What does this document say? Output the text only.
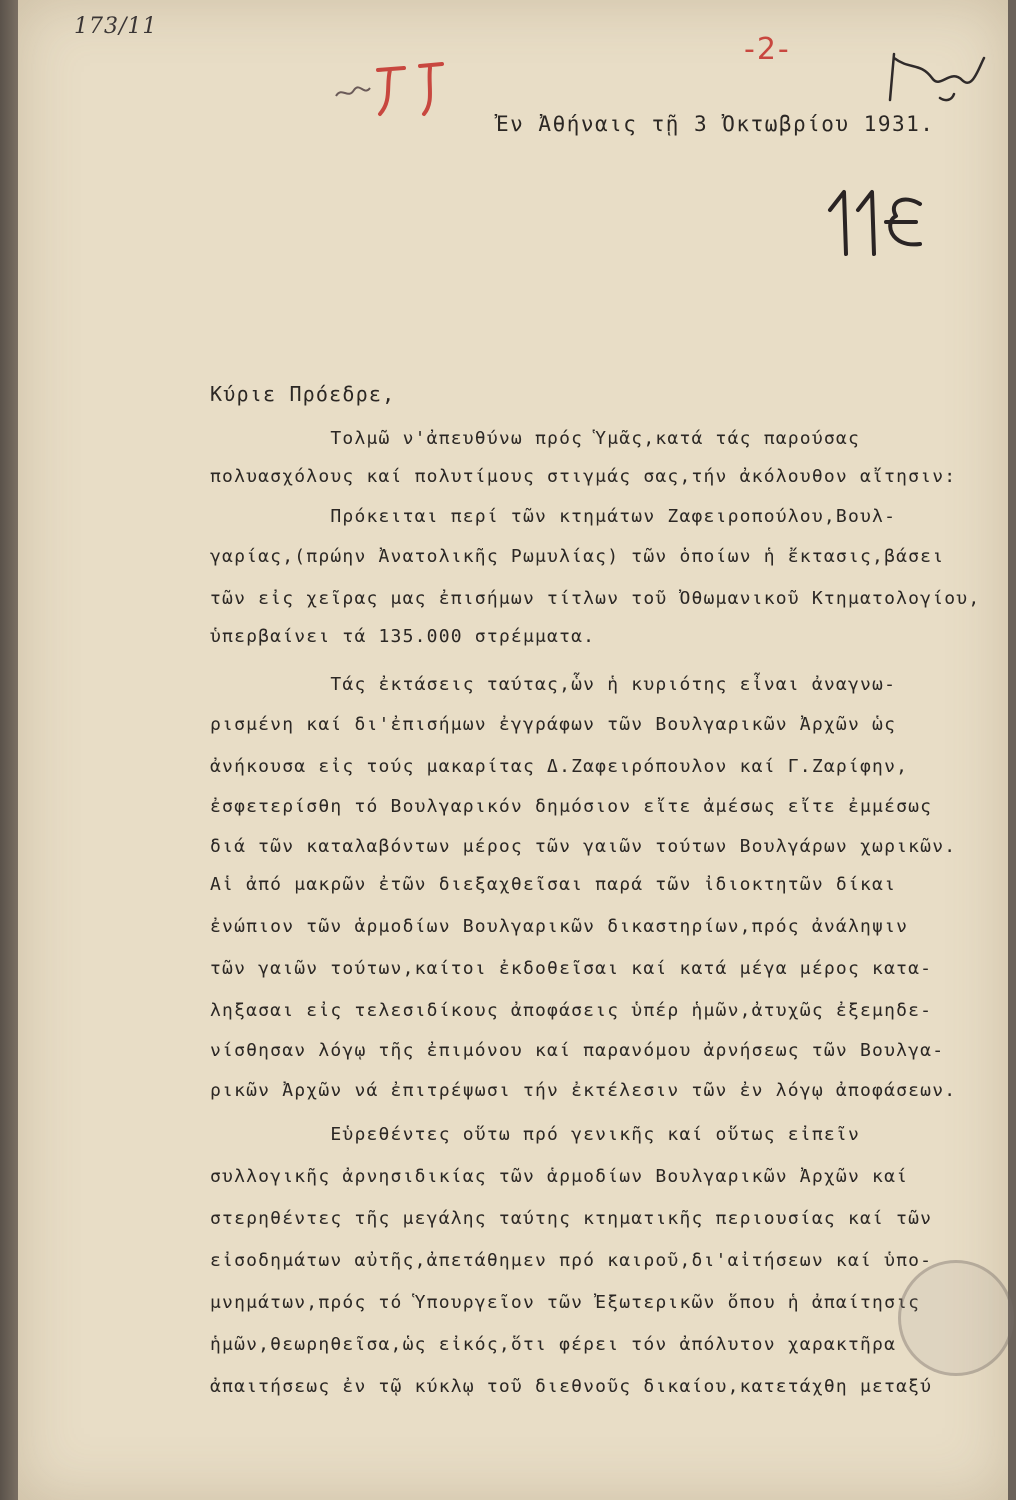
173/11
-2-
Ἐν Ἀθήναις τῇ 3 Ὀκτωβρίου 1931.
Κύριε Πρόεδρε,
Τολμῶ ν'ἀπευθύνω πρός Ὑμᾶς,κατά τάς παρούσας
πολυασχόλους καί πολυτίμους στιγμάς σας,τήν ἀκόλουθον αἴτησιν:
Πρόκειται περί τῶν κτημάτων Ζαφειροπούλου,Βουλ-
γαρίας,(πρώην Ἀνατολικῆς Ρωμυλίας) τῶν ὁποίων ἡ ἔκτασις,βάσει
τῶν εἰς χεῖρας μας ἐπισήμων τίτλων τοῦ Ὀθωμανικοῦ Κτηματολογίου,
ὑπερβαίνει τά 135.000 στρέμματα.
Τάς ἐκτάσεις ταύτας,ὧν ἡ κυριότης εἶναι ἀναγνω-
ρισμένη καί δι'ἐπισήμων ἐγγράφων τῶν Βουλγαρικῶν Ἀρχῶν ὡς
ἀνήκουσα εἰς τούς μακαρίτας Δ.Ζαφειρόπουλον καί Γ.Ζαρίφην,
ἐσφετερίσθη τό Βουλγαρικόν δημόσιον εἴτε ἀμέσως εἴτε ἐμμέσως
διά τῶν καταλαβόντων μέρος τῶν γαιῶν τούτων Βουλγάρων χωρικῶν.
Αἱ ἀπό μακρῶν ἐτῶν διεξαχθεῖσαι παρά τῶν ἰδιοκτητῶν δίκαι
ἐνώπιον τῶν ἁρμοδίων Βουλγαρικῶν δικαστηρίων,πρός ἀνάληψιν
τῶν γαιῶν τούτων,καίτοι ἐκδοθεῖσαι καί κατά μέγα μέρος κατα-
ληξασαι εἰς τελεσιδίκους ἀποφάσεις ὑπέρ ἡμῶν,ἀτυχῶς ἐξεμηδε-
νίσθησαν λόγῳ τῆς ἐπιμόνου καί παρανόμου ἀρνήσεως τῶν Βουλγα-
ρικῶν Ἀρχῶν νά ἐπιτρέψωσι τήν ἐκτέλεσιν τῶν ἐν λόγῳ ἀποφάσεων.
Εὑρεθέντες οὕτω πρό γενικῆς καί οὕτως εἰπεῖν
συλλογικῆς ἀρνησιδικίας τῶν ἁρμοδίων Βουλγαρικῶν Ἀρχῶν καί
στερηθέντες τῆς μεγάλης ταύτης κτηματικῆς περιουσίας καί τῶν
εἰσοδημάτων αὐτῆς,ἀπετάθημεν πρό καιροῦ,δι'αἰτήσεων καί ὑπο-
μνημάτων,πρός τό Ὑπουργεῖον τῶν Ἐξωτερικῶν ὅπου ἡ ἀπαίτησις
ἡμῶν,θεωρηθεῖσα,ὡς εἰκός,ὅτι φέρει τόν ἀπόλυτον χαρακτῆρα
ἀπαιτήσεως ἐν τῷ κύκλῳ τοῦ διεθνοῦς δικαίου,κατετάχθη μεταξύ
